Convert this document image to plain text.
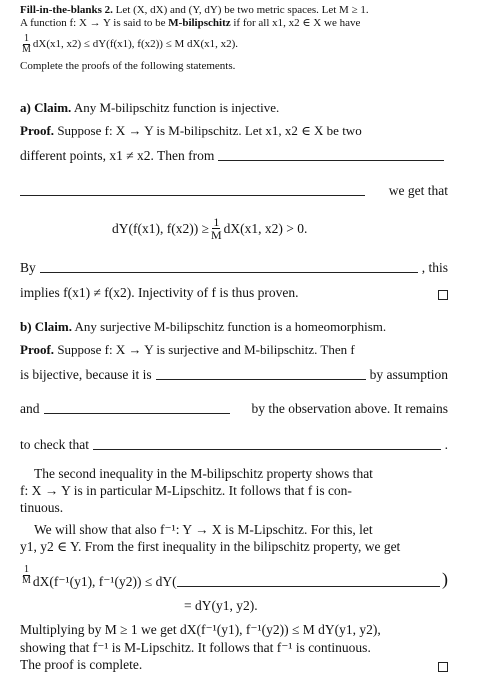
Fill-in-the-blanks 2. Let (X, dX) and (Y, dY) be two metric spaces. Let M ≥ 1.
A function f: X → Y is said to be M-bilipschitz if for all x1, x2 ∈ X we have
$\frac{1}{M} dX(x1$, x2) ≤ dY(f(x1), f(x2)) ≤ M dX(x1, x2).
Complete the proofs of the following statements.
a) Claim. Any M-bilipschitz function is injective.
Proof. Suppose f: X → Y is M-bilipschitz. Let x1, x2 ∈ X be two
different points, x1 ≠ x2. Then from
we get that
dY(f(x1), $f(x2)) \ge \frac{1}{M} dX(x1$, x2) > 0.
By	, this
implies f(x1) ≠ f(x2). Injectivity of f is thus proven.
b) Claim. Any surjective M-bilipschitz function is a homeomorphism.
Proof. Suppose f: X → Y is surjective and M-bilipschitz. Then f
is bijective, because it is	by assumption
and	by the observation above. It remains
to check that	.
The second inequality in the M-bilipschitz property shows that
f: X → Y is in particular M-Lipschitz. It follows that f is con-
tinuous.
We will show that also f⁻¹: Y → X is M-Lipschitz. For this, let
y1, y2 ∈ Y. From the first inequality in the bilipschitz property, we get
$\frac{1}{M} dX(f^{-1}(y1)$, f⁻¹(y2)) ≤ dY(	)
= dY(y1, y2).
Multiplying by M ≥ 1 we get dX(f⁻¹(y1), f⁻¹(y2)) ≤ M dY(y1, y2),
showing that f⁻¹ is M-Lipschitz. It follows that f⁻¹ is continuous.
The proof is complete.
